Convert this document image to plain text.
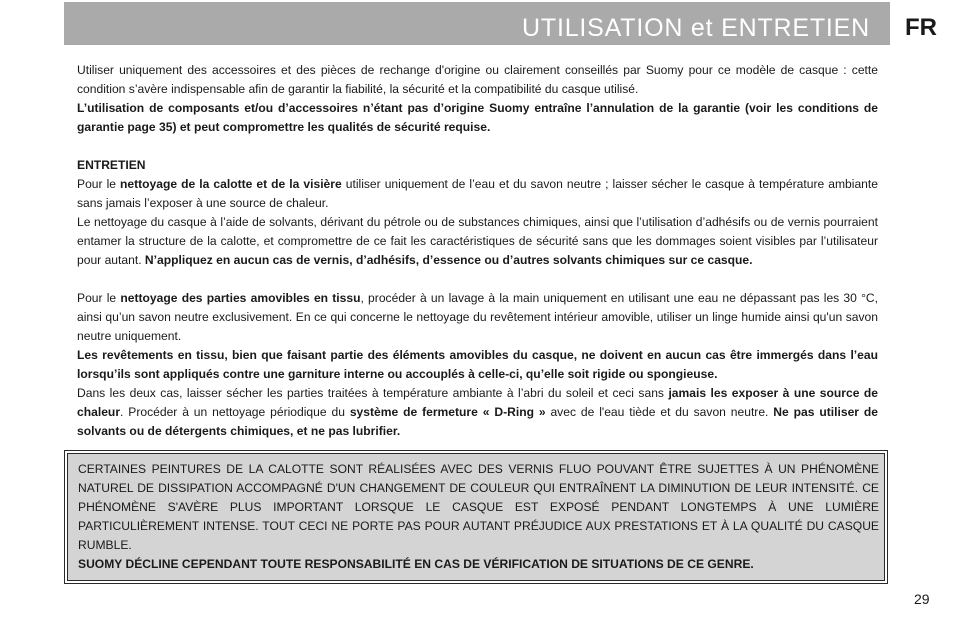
UTILISATION et ENTRETIEN FR

Utiliser uniquement des accessoires et des pièces de rechange d'origine ou clairement conseillés par Suomy pour ce modèle de casque : cette condition s’avère indispensable afin de garantir la fiabilité, la sécurité et la compatibilité du casque utilisé.

L’utilisation de composants et/ou d’accessoires n’étant pas d’origine Suomy entraîne l’annulation de la garantie (voir les conditions de garantie page 35) et peut compromettre les qualités de sécurité requise.

ENTRETIEN

Pour le nettoyage de la calotte et de la visière utiliser uniquement de l’eau et du savon neutre ; laisser sécher le casque à température ambiante sans jamais l’exposer à une source de chaleur.

Le nettoyage du casque à l’aide de solvants, dérivant du pétrole ou de substances chimiques, ainsi que l’utilisation d’adhésifs ou de vernis pourraient entamer la structure de la calotte, et compromettre de ce fait les caractéristiques de sécurité sans que les dommages soient visibles par l’utilisateur pour autant. N’appliquez en aucun cas de vernis, d’adhésifs, d’essence ou d’autres solvants chimiques sur ce casque.

Pour le nettoyage des parties amovibles en tissu, procéder à un lavage à la main uniquement en utilisant une eau ne dépassant pas les 30 °C, ainsi qu’un savon neutre exclusivement. En ce qui concerne le nettoyage du revêtement intérieur amovible, utiliser un linge humide ainsi qu'un savon neutre uniquement.

Les revêtements en tissu, bien que faisant partie des éléments amovibles du casque, ne doivent en aucun cas être immergés dans l’eau lorsqu’ils sont appliqués contre une garniture interne ou accouplés à celle-ci, qu’elle soit rigide ou spongieuse.

Dans les deux cas, laisser sécher les parties traitées à température ambiante à l’abri du soleil et ceci sans jamais les exposer à une source de chaleur. Procéder à un nettoyage périodique du système de fermeture « D-Ring » avec de l'eau tiède et du savon neutre. Ne pas utiliser de solvants ou de détergents chimiques, et ne pas lubrifier.

CERTAINES PEINTURES DE LA CALOTTE SONT RÉALISÉES AVEC DES VERNIS FLUO POUVANT ÊTRE SUJETTES À UN PHÉNOMÈNE NATUREL DE DISSIPATION ACCOMPAGNÉ D'UN CHANGEMENT DE COULEUR QUI ENTRAÎNENT LA DIMINUTION DE LEUR INTENSITÉ. CE PHÉNOMÈNE S'AVÈRE PLUS IMPORTANT LORSQUE LE CASQUE EST EXPOSÉ PENDANT LONGTEMPS À UNE LUMIÈRE PARTICULIÈREMENT INTENSE. TOUT CECI NE PORTE PAS POUR AUTANT PRÉJUDICE AUX PRESTATIONS ET À LA QUALITÉ DU CASQUE RUMBLE.

SUOMY DÉCLINE CEPENDANT TOUTE RESPONSABILITÉ EN CAS DE VÉRIFICATION DE SITUATIONS DE CE GENRE.

29
